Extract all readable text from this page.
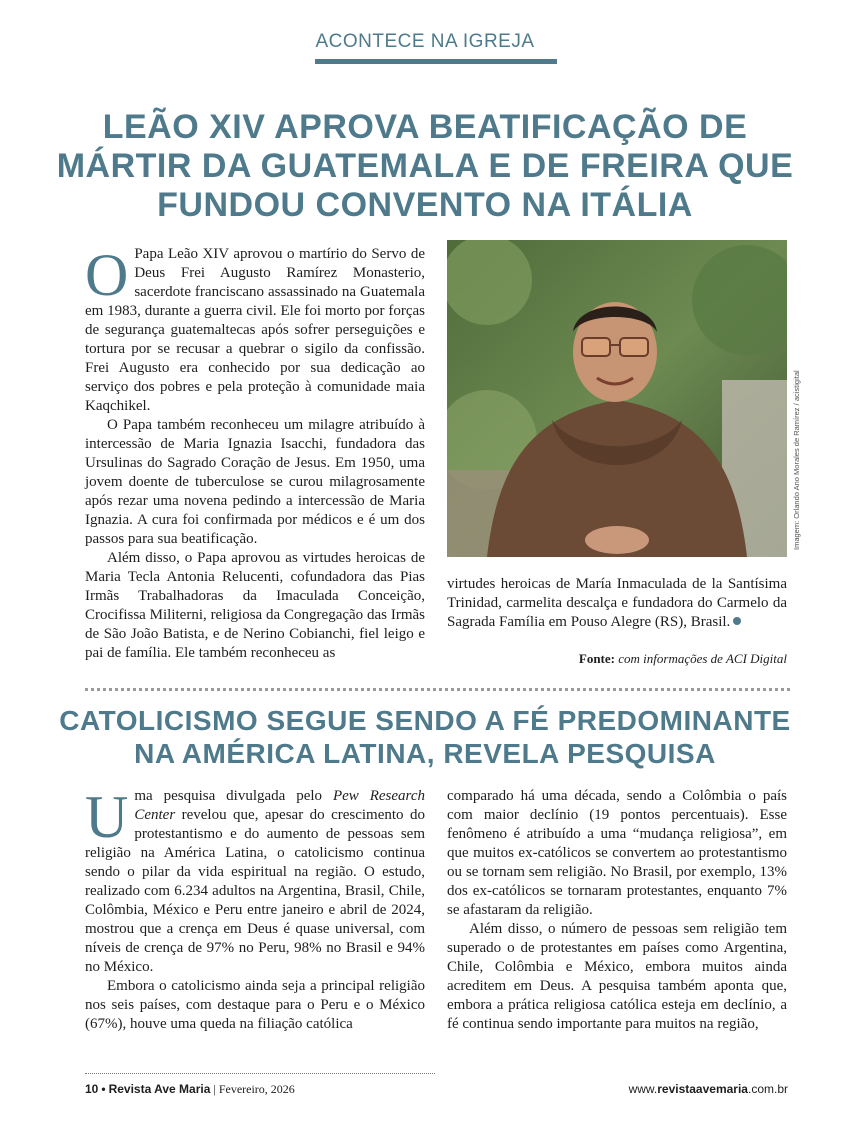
ACONTECE NA IGREJA
LEÃO XIV APROVA BEATIFICAÇÃO DE MÁRTIR DA GUATEMALA E DE FREIRA QUE FUNDOU CONVENTO NA ITÁLIA

O Papa Leão XIV aprovou o martírio do Servo de Deus Frei Augusto Ramírez Monasterio, sacerdote franciscano assassinado na Guatemala em 1983, durante a guerra civil. Ele foi morto por forças de segurança guatemaltecas após sofrer perseguições e tortura por se recusar a quebrar o sigilo da confissão. Frei Augusto era conhecido por sua dedicação ao serviço dos pobres e pela proteção à comunidade maia Kaqchikel.

O Papa também reconheceu um milagre atribuído à intercessão de Maria Ignazia Isacchi, fundadora das Ursulinas do Sagrado Coração de Jesus. Em 1950, uma jovem doente de tuberculose se curou milagrosamente após rezar uma novena pedindo a intercessão de Maria Ignazia. A cura foi confirmada por médicos e é um dos passos para sua beatificação.

Além disso, o Papa aprovou as virtudes heroicas de Maria Tecla Antonia Relucenti, cofundadora das Pias Irmãs Trabalhadoras da Imaculada Conceição, Crocifissa Militerni, religiosa da Congregação das Irmãs de São João Batista, e de Nerino Cobianchi, fiel leigo e pai de família. Ele também reconheceu as

Imagem: Orlando Ano Morales de Ramírez / acistigital

virtudes heroicas de María Inmaculada de la Santísima Trinidad, carmelita descalça e fundadora do Carmelo da Sagrada Família em Pouso Alegre (RS), Brasil.

Fonte: com informações de ACI Digital
CATOLICISMO SEGUE SENDO A FÉ PREDOMINANTE NA AMÉRICA LATINA, REVELA PESQUISA

Uma pesquisa divulgada pelo Pew Research Center revelou que, apesar do crescimento do protestantismo e do aumento de pessoas sem religião na América Latina, o catolicismo continua sendo o pilar da vida espiritual na região. O estudo, realizado com 6.234 adultos na Argentina, Brasil, Chile, Colômbia, México e Peru entre janeiro e abril de 2024, mostrou que a crença em Deus é quase universal, com níveis de crença de 97% no Peru, 98% no Brasil e 94% no México.

Embora o catolicismo ainda seja a principal religião nos seis países, com destaque para o Peru e o México (67%), houve uma queda na filiação católica

comparado há uma década, sendo a Colômbia o país com maior declínio (19 pontos percentuais). Esse fenômeno é atribuído a uma “mudança religiosa”, em que muitos ex-católicos se convertem ao protestantismo ou se tornam sem religião. No Brasil, por exemplo, 13% dos ex-católicos se tornaram protestantes, enquanto 7% se afastaram da religião.

Além disso, o número de pessoas sem religião tem superado o de protestantes em países como Argentina, Chile, Colômbia e México, embora muitos ainda acreditem em Deus. A pesquisa também aponta que, embora a prática religiosa católica esteja em declínio, a fé continua sendo importante para muitos na região,

10 • Revista Ave Maria | Fevereiro, 2026	www.revistaavemaria.com.br
